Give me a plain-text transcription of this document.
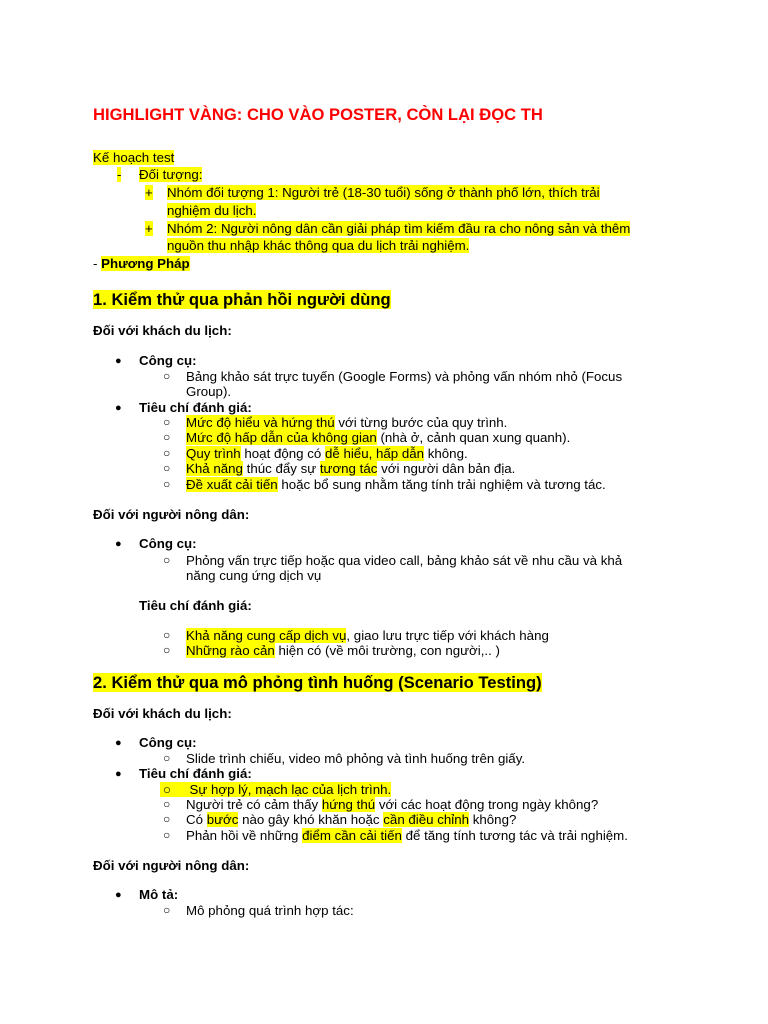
HIGHLIGHT VÀNG: CHO VÀO POSTER, CÒN LẠI ĐỌC TH
Kế hoạch test
- Đối tượng:
+ Nhóm đối tượng 1: Người trẻ (18-30 tuổi) sống ở thành phố lớn, thích trải
nghiệm du lịch.
+ Nhóm 2: Người nông dân cần giải pháp tìm kiếm đầu ra cho nông sản và thêm
nguồn thu nhập khác thông qua du lịch trải nghiệm.
- Phương Pháp
1. Kiểm thử qua phản hồi người dùng
Đối với khách du lịch:
● Công cụ:
○ Bảng khảo sát trực tuyến (Google Forms) và phỏng vấn nhóm nhỏ (Focus
Group).
● Tiêu chí đánh giá:
○ Mức độ hiểu và hứng thú với từng bước của quy trình.
○ Mức độ hấp dẫn của không gian (nhà ở, cảnh quan xung quanh).
○ Quy trình hoạt động có dễ hiểu, hấp dẫn không.
○ Khả năng thúc đẩy sự tương tác với người dân bản địa.
○ Đề xuất cải tiến hoặc bổ sung nhằm tăng tính trải nghiệm và tương tác.
Đối với người nông dân:
● Công cụ:
○ Phỏng vấn trực tiếp hoặc qua video call, bảng khảo sát về nhu cầu và khả
năng cung ứng dịch vụ
Tiêu chí đánh giá:
○ Khả năng cung cấp dịch vụ, giao lưu trực tiếp với khách hàng
○ Những rào cản hiện có (về môi trường, con người,.. )
2. Kiểm thử qua mô phỏng tình huống (Scenario Testing)
Đối với khách du lịch:
● Công cụ:
○ Slide trình chiếu, video mô phỏng và tình huống trên giấy.
● Tiêu chí đánh giá:
○ Sự hợp lý, mạch lạc của lịch trình.
○ Người trẻ có cảm thấy hứng thú với các hoạt động trong ngày không?
○ Có bước nào gây khó khăn hoặc cần điều chỉnh không?
○ Phản hồi về những điểm cần cải tiến để tăng tính tương tác và trải nghiệm.
Đối với người nông dân:
● Mô tả:
○ Mô phỏng quá trình hợp tác:
